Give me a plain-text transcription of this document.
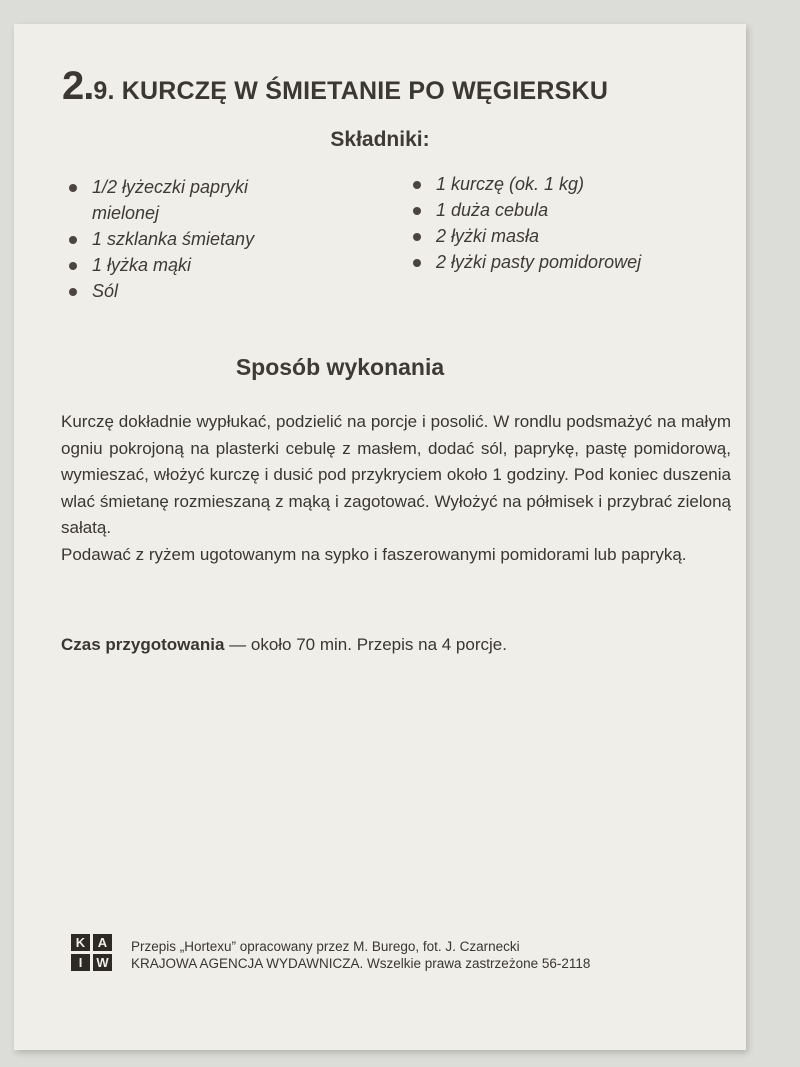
2.9. KURCZĘ W ŚMIETANIE PO WĘGIERSKU
Składniki:
1/2 łyżeczki papryki mielonej
1 szklanka śmietany
1 łyżka mąki
Sól
1 kurczę (ok. 1 kg)
1 duża cebula
2 łyżki masła
2 łyżki pasty pomidorowej
Sposób wykonania

Kurczę dokładnie wypłukać, podzielić na porcje i posolić. W rondlu podsmażyć na małym ogniu pokrojoną na plasterki cebulę z masłem, dodać sól, paprykę, pastę pomidorową, wymieszać, włożyć kurczę i dusić pod przykryciem około 1 godziny. Pod koniec duszenia wlać śmietanę rozmieszaną z mąką i zagotować. Wyłożyć na półmisek i przybrać zieloną sałatą.

Podawać z ryżem ugotowanym na sypko i faszerowanymi pomidorami lub papryką.

Czas przygotowania — około 70 min. Przepis na 4 porcje.
K A
I	W
Przepis „Hortexu” opracowany przez M. Burego, fot. J. Czarnecki
KRAJOWA AGENCJA WYDAWNICZA. Wszelkie prawa zastrzeżone 56-2118
